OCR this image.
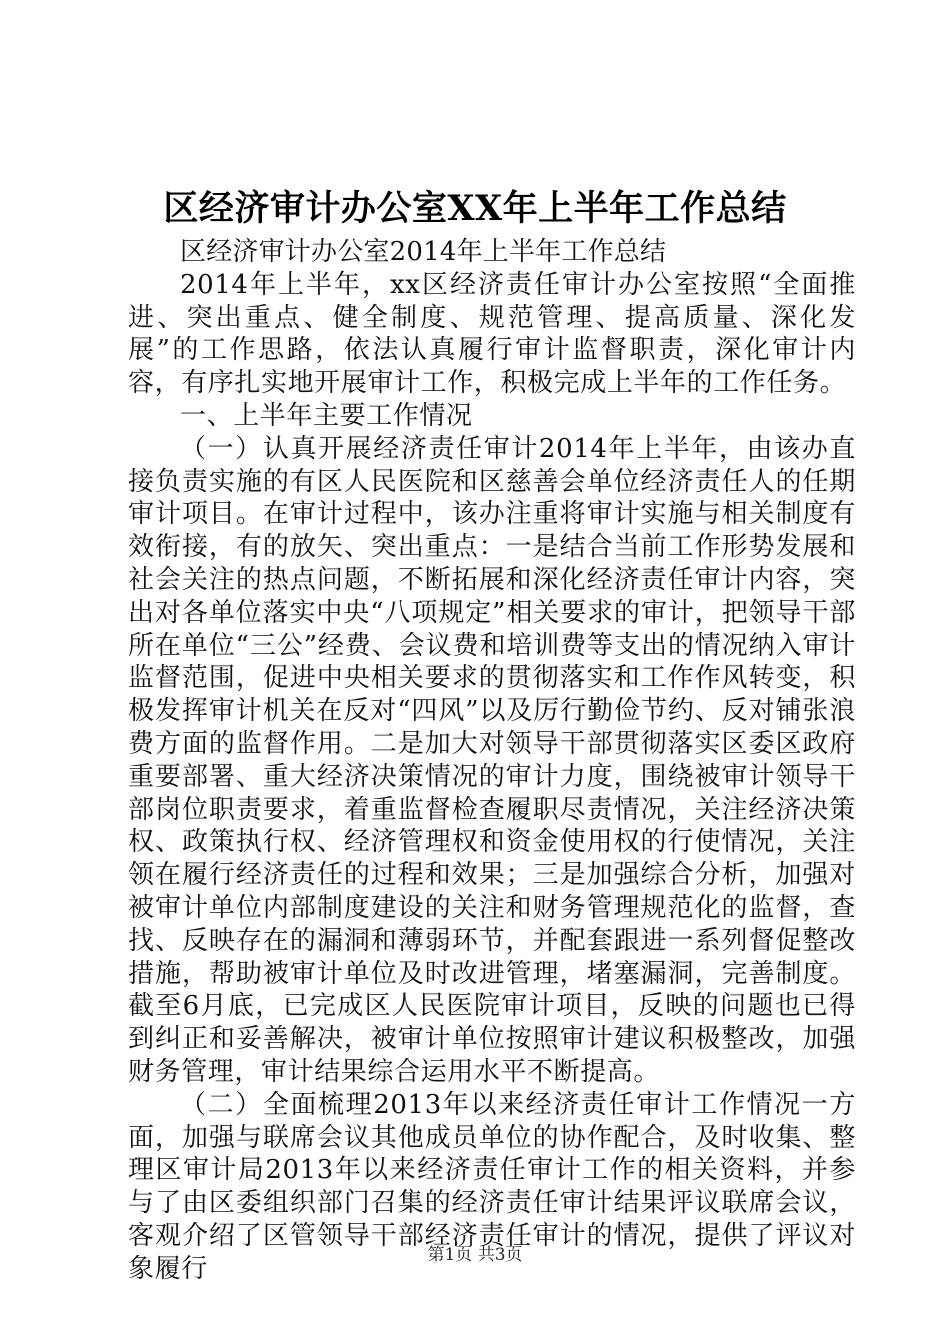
区经济审计办公室XX年上半年工作总结

区经济审计办公室2014年上半年工作总结

2014年上半年，xx区经济责任审计办公室按照“全面推进、突出重点、健全制度、规范管理、提高质量、深化发展”的工作思路，依法认真履行审计监督职责，深化审计内容，有序扎实地开展审计工作，积极完成上半年的工作任务。

一、上半年主要工作情况

（一）认真开展经济责任审计2014年上半年，由该办直接负责实施的有区人民医院和区慈善会单位经济责任人的任期审计项目。在审计过程中，该办注重将审计实施与相关制度有效衔接，有的放矢、突出重点：一是结合当前工作形势发展和社会关注的热点问题，不断拓展和深化经济责任审计内容，突出对各单位落实中央“八项规定”相关要求的审计，把领导干部所在单位“三公”经费、会议费和培训费等支出的情况纳入审计监督范围，促进中央相关要求的贯彻落实和工作作风转变，积极发挥审计机关在反对“四风”以及厉行勤俭节约、反对铺张浪费方面的监督作用。二是加大对领导干部贯彻落实区委区政府重要部署、重大经济决策情况的审计力度，围绕被审计领导干部岗位职责要求，着重监督检查履职尽责情况，关注经济决策权、政策执行权、经济管理权和资金使用权的行使情况，关注领在履行经济责任的过程和效果；三是加强综合分析，加强对被审计单位内部制度建设的关注和财务管理规范化的监督，查找、反映存在的漏洞和薄弱环节，并配套跟进一系列督促整改措施，帮助被审计单位及时改进管理，堵塞漏洞，完善制度。截至6月底，已完成区人民医院审计项目，反映的问题也已得到纠正和妥善解决，被审计单位按照审计建议积极整改，加强财务管理，审计结果综合运用水平不断提高。

（二）全面梳理2013年以来经济责任审计工作情况一方面，加强与联席会议其他成员单位的协作配合，及时收集、整理区审计局2013年以来经济责任审计工作的相关资料，并参与了由区委组织部门召集的经济责任审计结果评议联席会议，客观介绍了区管领导干部经济责任审计的情况，提供了评议对象履行	第1页 共3页
